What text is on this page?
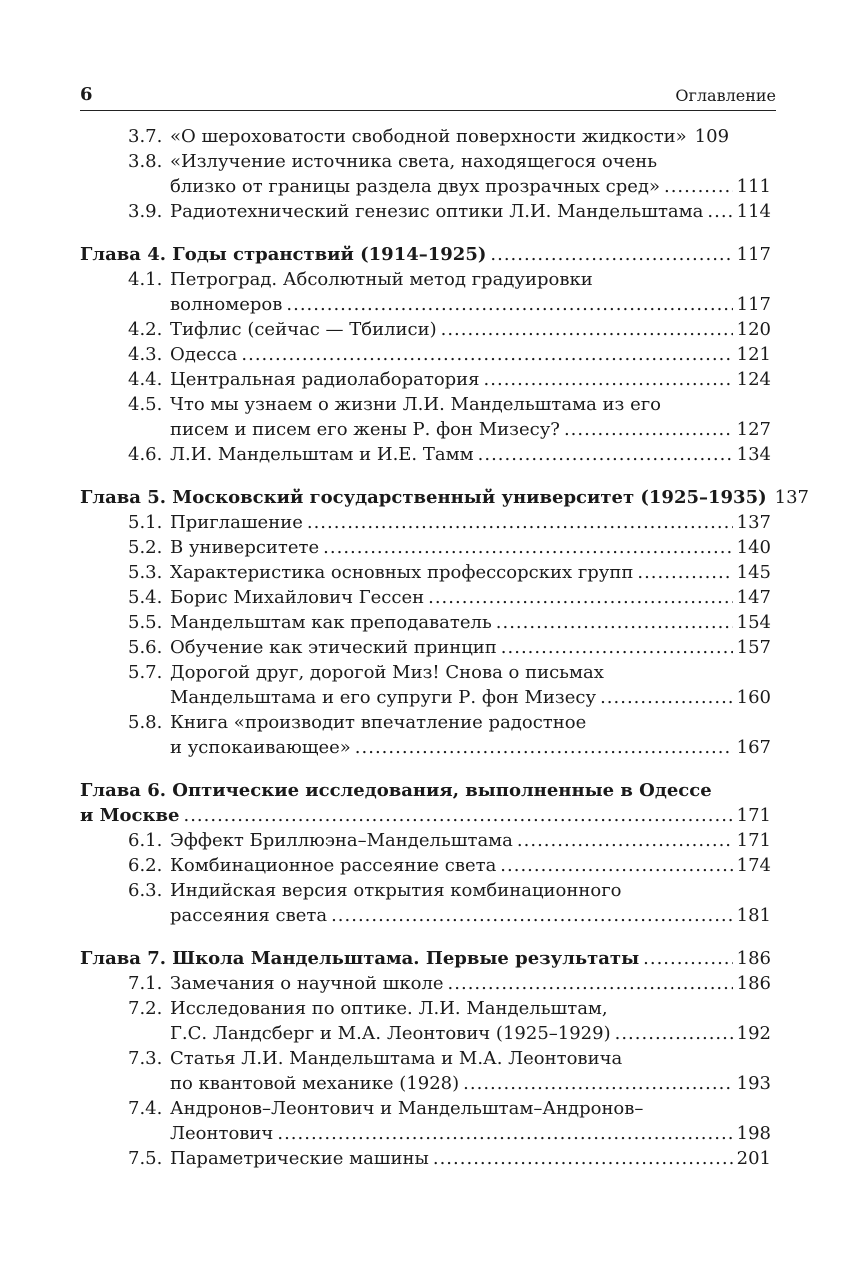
6	Оглавление
3.7. «О шероховатости свободной поверхности жидкости» 109
3.8. «Излучение источника света, находящегося очень
близко от границы раздела двух прозрачных сред» .....	111
3.9. Радиотехнический генезис оптики Л.И. Мандельштама ..... 114
Глава 4. Годы странствий (1914–1925) .....	117
4.1. Петроград. Абсолютный метод градуировки
волномеров .....	117
4.2. Тифлис (сейчас — Тбилиси) .....	120
4.3. Одесса .....	121
4.4. Центральная радиолаборатория .....	124
4.5. Что мы узнаем о жизни Л.И. Мандельштама из его
писем и писем его жены Р. фон Мизесу? .....	127
4.6. Л.И. Мандельштам и И.Е. Тамм .....	134
Глава 5. Московский государственный университет (1925–1935) 137
5.1. Приглашение .....	137
5.2. В университете .....	140
5.3. Характеристика основных профессорских групп .....	145
5.4. Борис Михайлович Гессен .....	147
5.5. Мандельштам как преподаватель .....	154
5.6. Обучение как этический принцип .....	157
5.7. Дорогой друг, дорогой Миз! Снова о письмах
Мандельштама и его супруги Р. фон Мизесу .....	160
5.8. Книга «производит впечатление радостное
и успокаивающее» .....	167
Глава 6. Оптические исследования, выполненные в Одессе
и Москве .....	171
6.1. Эффект Бриллюэна–Мандельштама .....	171
6.2. Комбинационное рассеяние света .....	174
6.3. Индийская версия открытия комбинационного
рассеяния света .....	181
Глава 7. Школа Мандельштама. Первые результаты .....	186
7.1. Замечания о научной школе .....	186
7.2. Исследования по оптике. Л.И. Мандельштам,
Г.С. Ландсберг и М.А. Леонтович (1925–1929) .....	192
7.3. Статья Л.И. Мандельштама и М.А. Леонтовича
по квантовой механике (1928) .....	193
7.4. Андронов–Леонтович и Мандельштам–Андронов–
Леонтович .....	198
7.5. Параметрические машины .....	201
